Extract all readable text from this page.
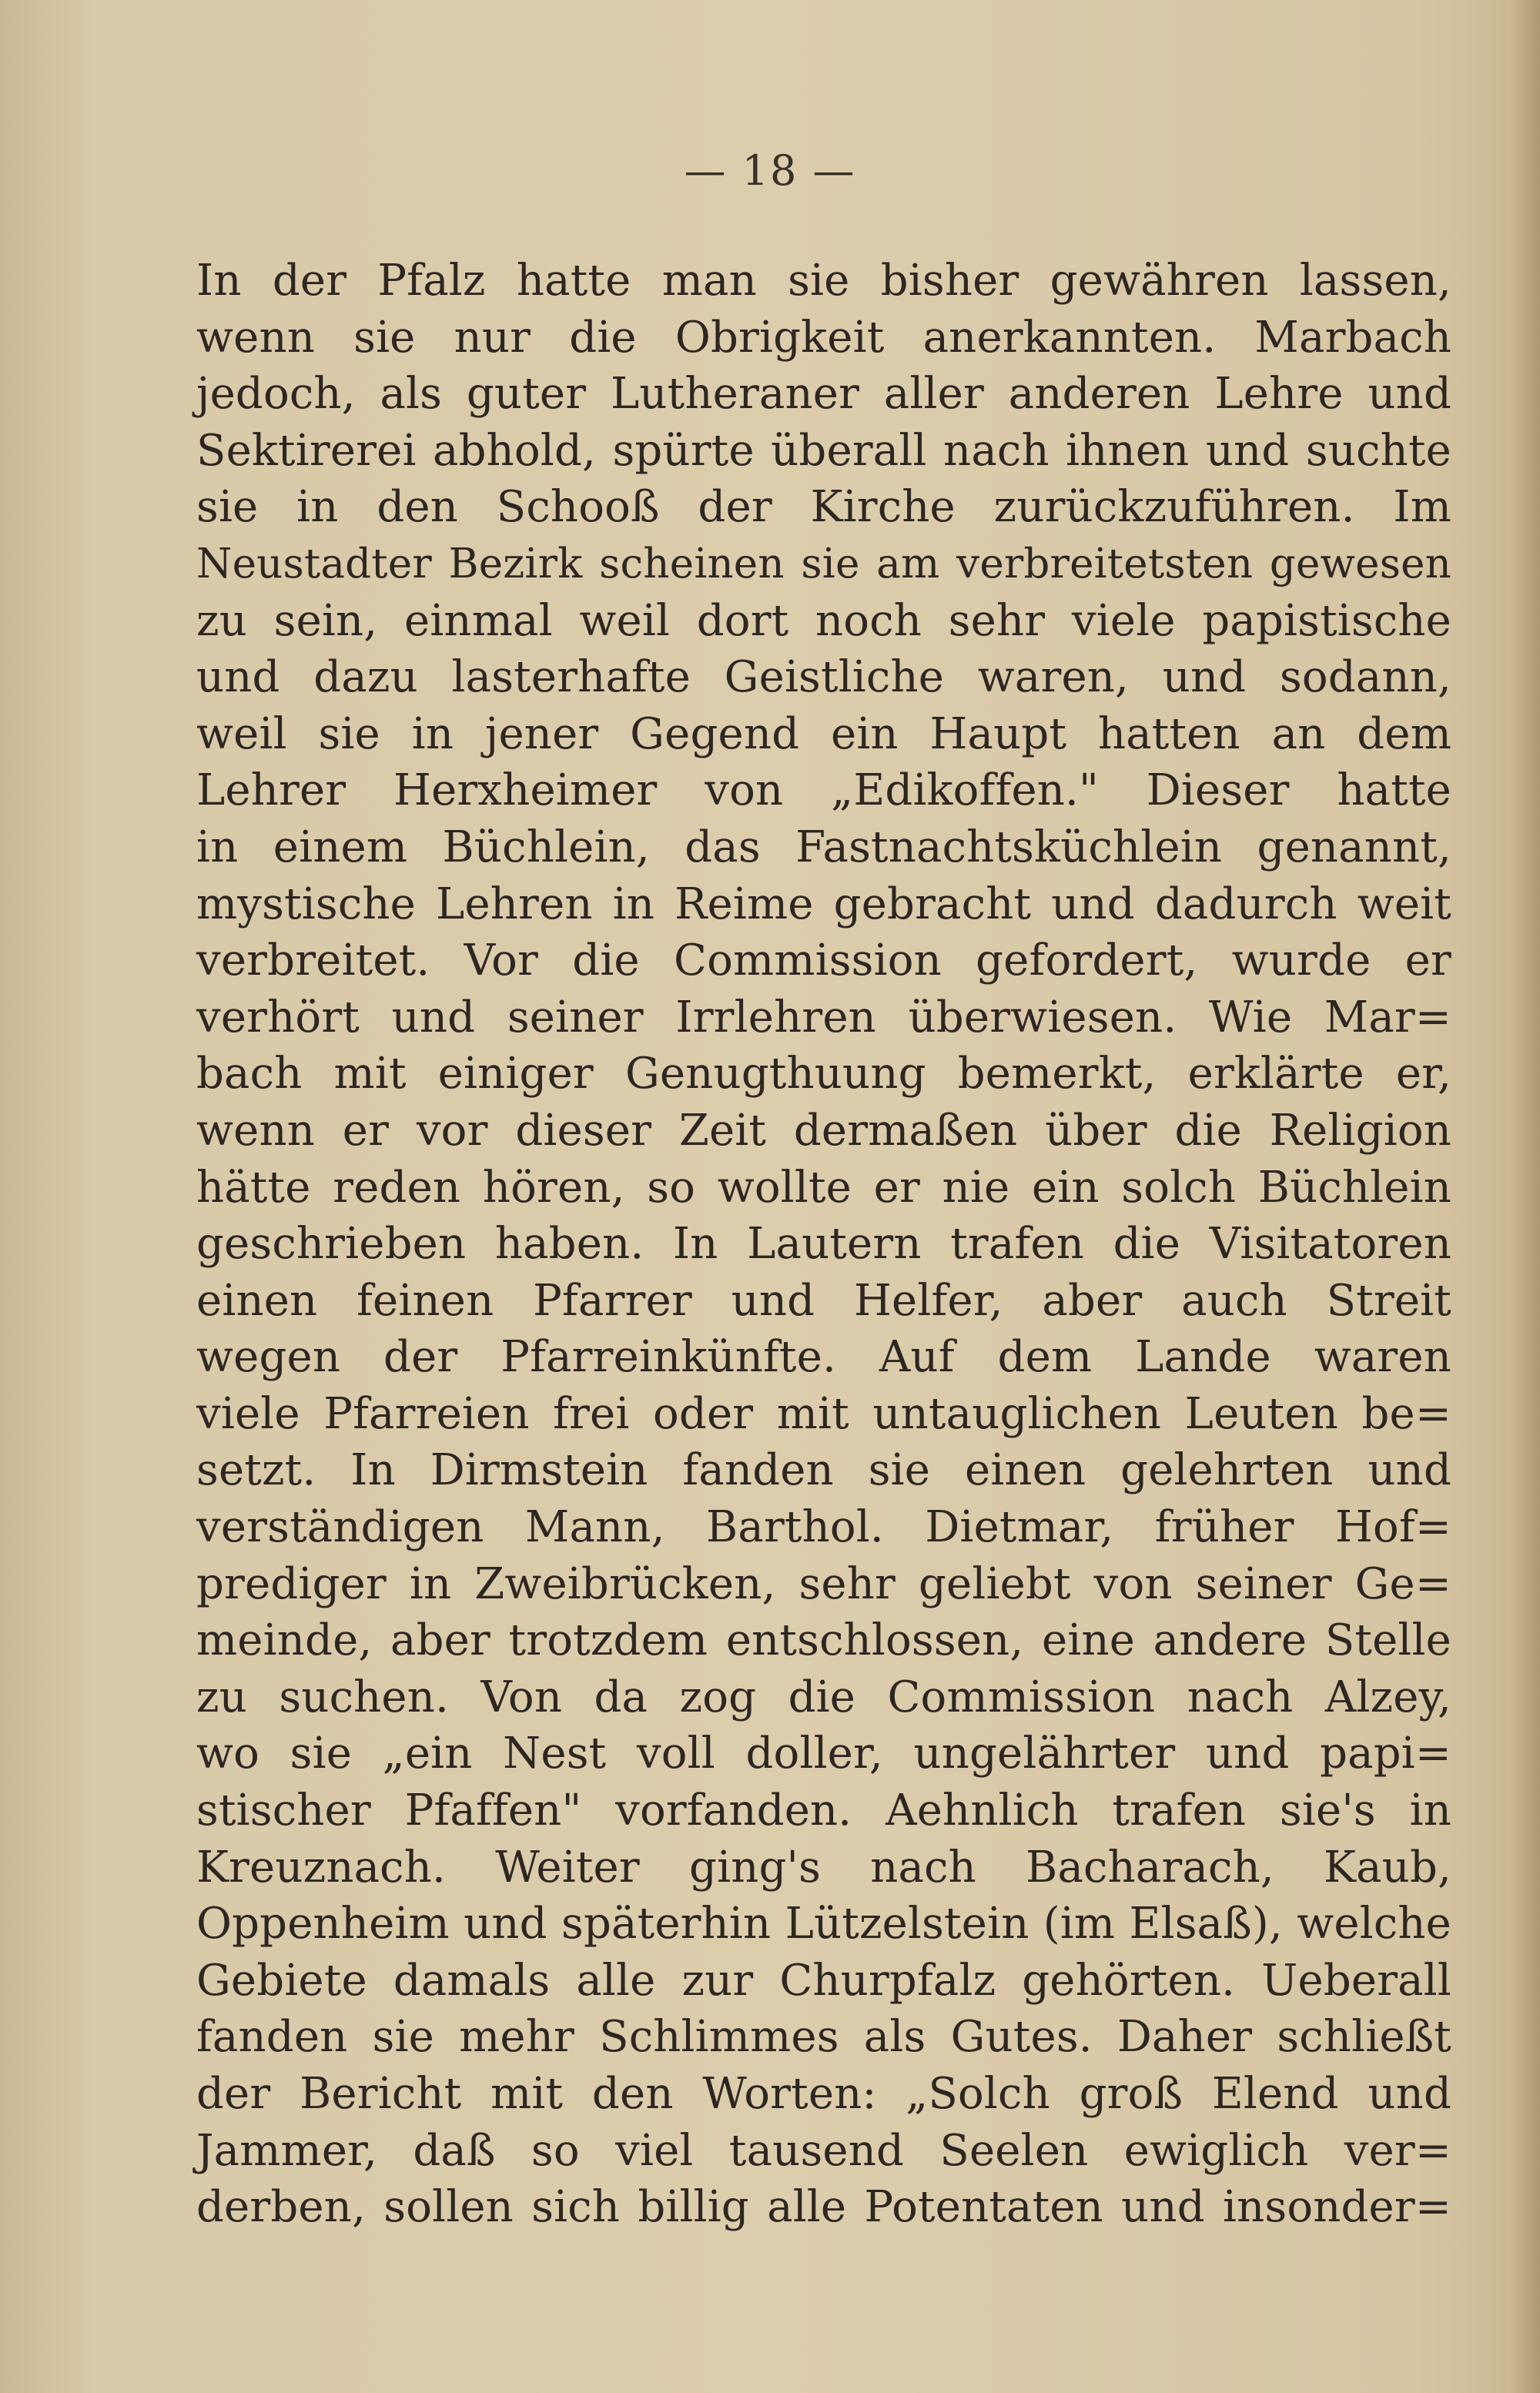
— 18 —
In der Pfalz hatte man sie bisher gewähren lassen,
wenn sie nur die Obrigkeit anerkannten. Marbach
jedoch, als guter Lutheraner aller anderen Lehre und
Sektirerei abhold, spürte überall nach ihnen und suchte
sie in den Schooß der Kirche zurückzuführen. Im
Neustadter Bezirk scheinen sie am verbreitetsten gewesen
zu sein, einmal weil dort noch sehr viele papistische
und dazu lasterhafte Geistliche waren, und sodann,
weil sie in jener Gegend ein Haupt hatten an dem
Lehrer Herxheimer von „Edikoffen." Dieser hatte
in einem Büchlein, das Fastnachtsküchlein genannt,
mystische Lehren in Reime gebracht und dadurch weit
verbreitet. Vor die Commission gefordert, wurde er
verhört und seiner Irrlehren überwiesen. Wie Mar=
bach mit einiger Genugthuung bemerkt, erklärte er,
wenn er vor dieser Zeit dermaßen über die Religion
hätte reden hören, so wollte er nie ein solch Büchlein
geschrieben haben. In Lautern trafen die Visitatoren
einen feinen Pfarrer und Helfer, aber auch Streit
wegen der Pfarreinkünfte. Auf dem Lande waren
viele Pfarreien frei oder mit untauglichen Leuten be=
setzt. In Dirmstein fanden sie einen gelehrten und
verständigen Mann, Barthol. Dietmar, früher Hof=
prediger in Zweibrücken, sehr geliebt von seiner Ge=
meinde, aber trotzdem entschlossen, eine andere Stelle
zu suchen. Von da zog die Commission nach Alzey,
wo sie „ein Nest voll doller, ungelährter und papi=
stischer Pfaffen" vorfanden. Aehnlich trafen sie's in
Kreuznach. Weiter ging's nach Bacharach, Kaub,
Oppenheim und späterhin Lützelstein (im Elsaß), welche
Gebiete damals alle zur Churpfalz gehörten. Ueberall
fanden sie mehr Schlimmes als Gutes. Daher schließt
der Bericht mit den Worten: „Solch groß Elend und
Jammer, daß so viel tausend Seelen ewiglich ver=
derben, sollen sich billig alle Potentaten und insonder=
